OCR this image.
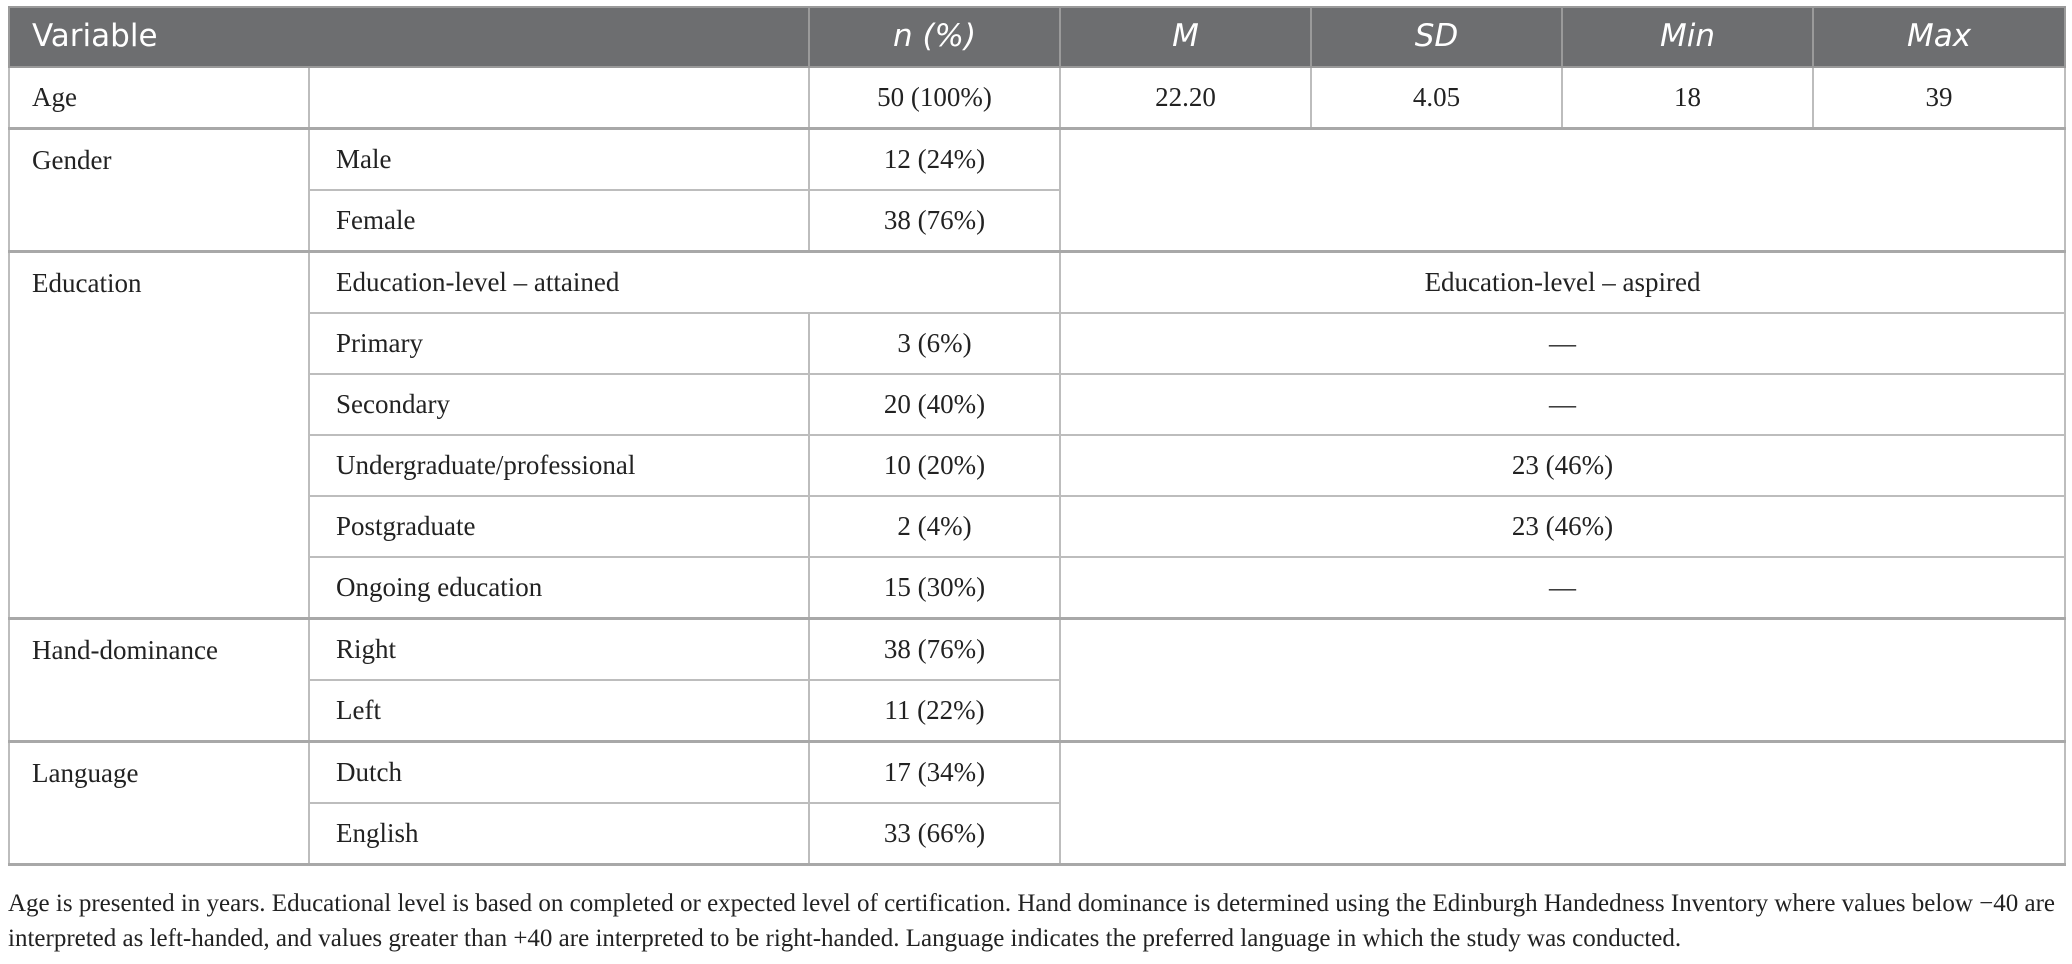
Variable		n (%)	M	SD	Min	Max
Age		50 (100%)	22.20	4.05	18	39
Gender	Male	12 (24%)				
	Female	38 (76%)				
Education	Education-level – attained		Education-level – aspired			
	Primary	3 (6%)	—			
	Secondary	20 (40%)	—			
	Undergraduate/professional	10 (20%)	23 (46%)			
	Postgraduate	2 (4%)	23 (46%)			
	Ongoing education	15 (30%)	—			
Hand-dominance	Right	38 (76%)				
	Left	11 (22%)				
Language	Dutch	17 (34%)				
	English	33 (66%)				
Age is presented in years. Educational level is based on completed or expected level of certification. Hand dominance is determined using the Edinburgh Handedness Inventory where values below −40 are interpreted as left-handed, and values greater than +40 are interpreted to be right-handed. Language indicates the preferred language in which the study was conducted.
